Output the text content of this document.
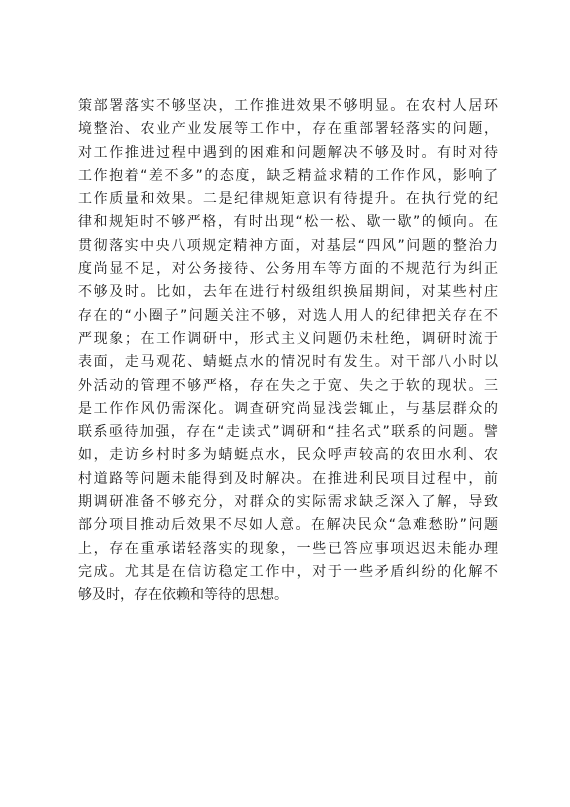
策部署落实不够坚决，工作推进效果不够明显。在农村人居环
境整治、农业产业发展等工作中，存在重部署轻落实的问题，
对工作推进过程中遇到的困难和问题解决不够及时。有时对待
工作抱着“差不多”的态度，缺乏精益求精的工作作风，影响了
工作质量和效果。二是纪律规矩意识有待提升。在执行党的纪
律和规矩时不够严格，有时出现“松一松、歇一歇”的倾向。在
贯彻落实中央八项规定精神方面，对基层“四风”问题的整治力
度尚显不足，对公务接待、公务用车等方面的不规范行为纠正
不够及时。比如，去年在进行村级组织换届期间，对某些村庄
存在的“小圈子”问题关注不够，对选人用人的纪律把关存在不
严现象；在工作调研中，形式主义问题仍未杜绝，调研时流于
表面，走马观花、蜻蜓点水的情况时有发生。对干部八小时以
外活动的管理不够严格，存在失之于宽、失之于软的现状。三
是工作作风仍需深化。调查研究尚显浅尝辄止，与基层群众的
联系亟待加强，存在“走读式”调研和“挂名式”联系的问题。譬
如，走访乡村时多为蜻蜓点水，民众呼声较高的农田水利、农
村道路等问题未能得到及时解决。在推进利民项目过程中，前
期调研准备不够充分，对群众的实际需求缺乏深入了解，导致
部分项目推动后效果不尽如人意。在解决民众“急难愁盼”问题
上，存在重承诺轻落实的现象，一些已答应事项迟迟未能办理
完成。尤其是在信访稳定工作中，对于一些矛盾纠纷的化解不
够及时，存在依赖和等待的思想。
